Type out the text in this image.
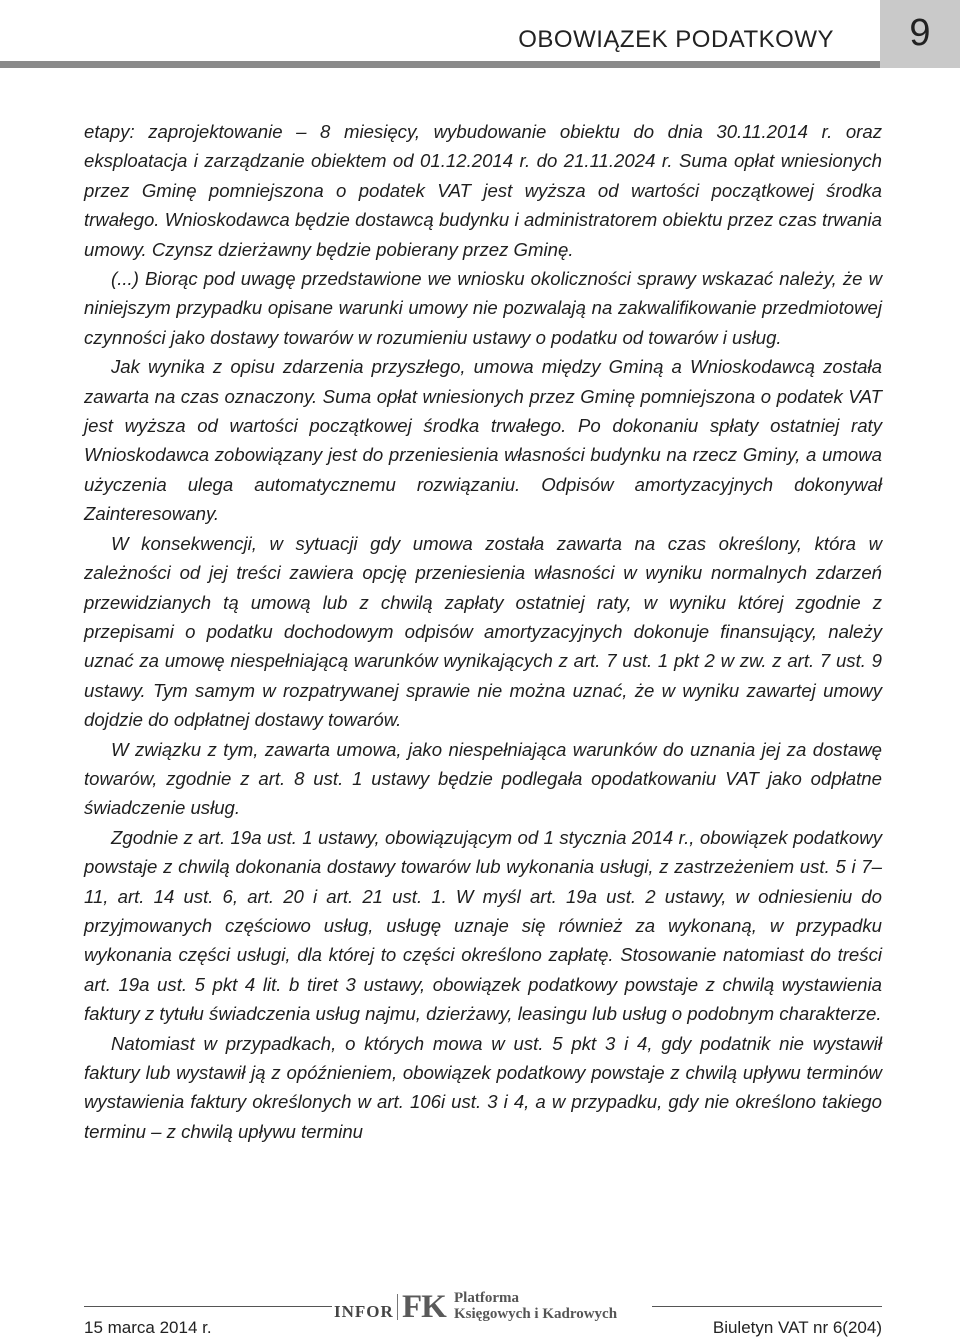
OBOWIĄZEK PODATKOWY	9

etapy: zaprojektowanie – 8 miesięcy, wybudowanie obiektu do dnia 30.11.2014 r. oraz eksploatacja i zarządzanie obiektem od 01.12.2014 r. do 21.11.2024 r. Suma opłat wniesionych przez Gminę pomniejszona o podatek VAT jest wyższa od wartości początkowej środka trwałego. Wnioskodawca będzie dostawcą budynku i administratorem obiektu przez czas trwania umowy. Czynsz dzierżawny będzie pobierany przez Gminę.

(...) Biorąc pod uwagę przedstawione we wniosku okoliczności sprawy wskazać należy, że w niniejszym przypadku opisane warunki umowy nie pozwalają na zakwalifikowanie przedmiotowej czynności jako dostawy towarów w rozumieniu ustawy o podatku od towarów i usług.

Jak wynika z opisu zdarzenia przyszłego, umowa między Gminą a Wnioskodawcą została zawarta na czas oznaczony. Suma opłat wniesionych przez Gminę pomniejszona o podatek VAT jest wyższa od wartości początkowej środka trwałego. Po dokonaniu spłaty ostatniej raty Wnioskodawca zobowiązany jest do przeniesienia własności budynku na rzecz Gminy, a umowa użyczenia ulega automatycznemu rozwiązaniu. Odpisów amortyzacyjnych dokonywał Zainteresowany.

W konsekwencji, w sytuacji gdy umowa została zawarta na czas określony, która w zależności od jej treści zawiera opcję przeniesienia własności w wyniku normalnych zdarzeń przewidzianych tą umową lub z chwilą zapłaty ostatniej raty, w wyniku której zgodnie z przepisami o podatku dochodowym odpisów amortyzacyjnych dokonuje finansujący, należy uznać za umowę niespełniającą warunków wynikających z art. 7 ust. 1 pkt 2 w zw. z art. 7 ust. 9 ustawy. Tym samym w rozpatrywanej sprawie nie można uznać, że w wyniku zawartej umowy dojdzie do odpłatnej dostawy towarów.

W związku z tym, zawarta umowa, jako niespełniająca warunków do uznania jej za dostawę towarów, zgodnie z art. 8 ust. 1 ustawy będzie podlegała opodatkowaniu VAT jako odpłatne świadczenie usług.

Zgodnie z art. 19a ust. 1 ustawy, obowiązującym od 1 stycznia 2014 r., obowiązek podatkowy powstaje z chwilą dokonania dostawy towarów lub wykonania usługi, z zastrzeżeniem ust. 5 i 7–11, art. 14 ust. 6, art. 20 i art. 21 ust. 1. W myśl art. 19a ust. 2 ustawy, w odniesieniu do przyjmowanych częściowo usług, usługę uznaje się również za wykonaną, w przypadku wykonania części usługi, dla której to części określono zapłatę. Stosowanie natomiast do treści art. 19a ust. 5 pkt 4 lit. b tiret 3 ustawy, obowiązek podatkowy powstaje z chwilą wystawienia faktury z tytułu świadczenia usług najmu, dzierżawy, leasingu lub usług o podobnym charakterze.

Natomiast w przypadkach, o których mowa w ust. 5 pkt 3 i 4, gdy podatnik nie wystawił faktury lub wystawił ją z opóźnieniem, obowiązek podatkowy powstaje z chwilą upływu terminów wystawienia faktury określonych w art. 106i ust. 3 i 4, a w przypadku, gdy nie określono takiego terminu – z chwilą upływu terminu

INFOR FK Platforma
Księgowych i Kadrowych
15 marca 2014 r.	Biuletyn VAT nr 6(204)
